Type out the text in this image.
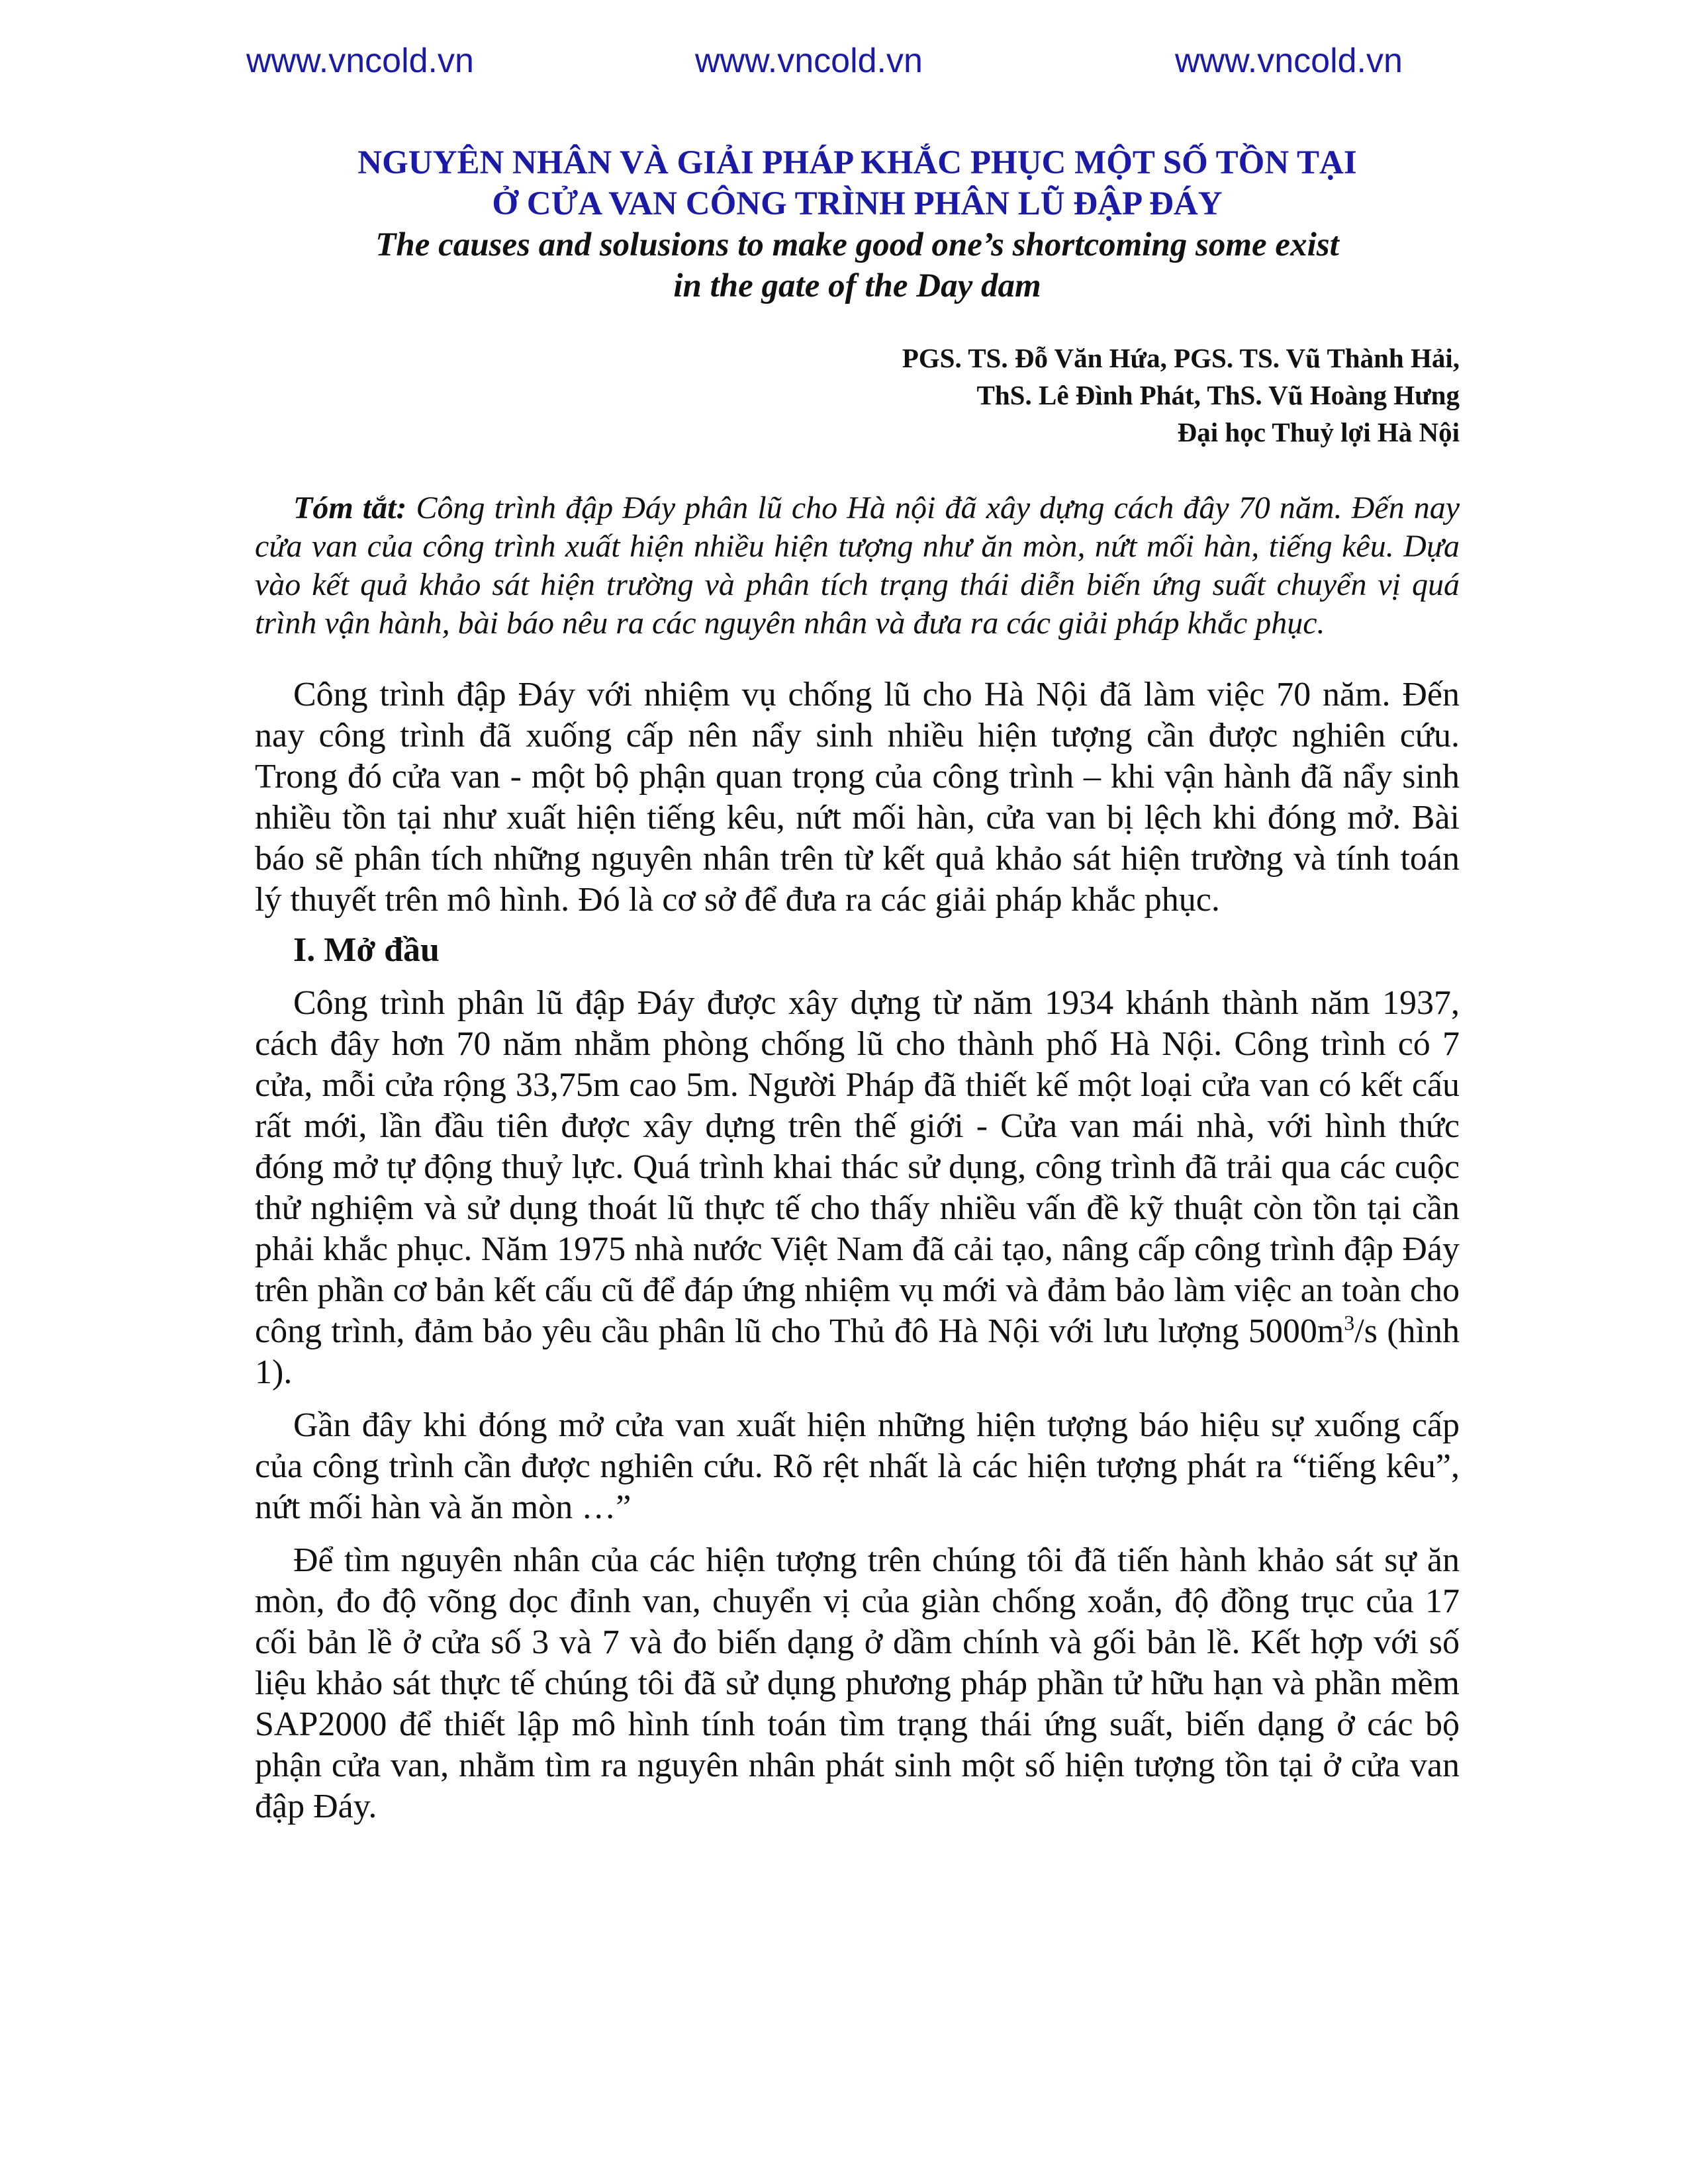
www.vncold.vn	www.vncold.vn	www.vncold.vn
NGUYÊN NHÂN VÀ GIẢI PHÁP KHẮC PHỤC MỘT SỐ TỒN TẠI
Ở CỬA VAN CÔNG TRÌNH PHÂN LŨ ĐẬP ĐÁY
The causes and solusions to make good one’s shortcoming some exist
in the gate of the Day dam
PGS. TS. Đỗ Văn Hứa, PGS. TS. Vũ Thành Hải,
ThS. Lê Đình Phát, ThS. Vũ Hoàng Hưng
Đại học Thuỷ lợi Hà Nội

Tóm tắt: Công trình đập Đáy phân lũ cho Hà nội đã xây dựng cách đây 70 năm. Đến nay cửa van của công trình xuất hiện nhiều hiện tượng như ăn mòn, nứt mối hàn, tiếng kêu. Dựa vào kết quả khảo sát hiện trường và phân tích trạng thái diễn biến ứng suất chuyển vị quá trình vận hành, bài báo nêu ra các nguyên nhân và đưa ra các giải pháp khắc phục.

Công trình đập Đáy với nhiệm vụ chống lũ cho Hà Nội đã làm việc 70 năm. Đến nay công trình đã xuống cấp nên nẩy sinh nhiều hiện tượng cần được nghiên cứu. Trong đó cửa van - một bộ phận quan trọng của công trình – khi vận hành đã nẩy sinh nhiều tồn tại như xuất hiện tiếng kêu, nứt mối hàn, cửa van bị lệch khi đóng mở. Bài báo sẽ phân tích những nguyên nhân trên từ kết quả khảo sát hiện trường và tính toán lý thuyết trên mô hình. Đó là cơ sở để đưa ra các giải pháp khắc phục.

I. Mở đầu

Công trình phân lũ đập Đáy được xây dựng từ năm 1934 khánh thành năm 1937, cách đây hơn 70 năm nhằm phòng chống lũ cho thành phố Hà Nội. Công trình có 7 cửa, mỗi cửa rộng 33,75m cao 5m. Người Pháp đã thiết kế một loại cửa van có kết cấu rất mới, lần đầu tiên được xây dựng trên thế giới - Cửa van mái nhà, với hình thức đóng mở tự động thuỷ lực. Quá trình khai thác sử dụng, công trình đã trải qua các cuộc thử nghiệm và sử dụng thoát lũ thực tế cho thấy nhiều vấn đề kỹ thuật còn tồn tại cần phải khắc phục. Năm 1975 nhà nước Việt Nam đã cải tạo, nâng cấp công trình đập Đáy trên phần cơ bản kết cấu cũ để đáp ứng nhiệm vụ mới và đảm bảo làm việc an toàn cho công trình, đảm bảo yêu cầu phân lũ cho Thủ đô Hà Nội với lưu lượng $5000m^3/s$ (hình 1).

Gần đây khi đóng mở cửa van xuất hiện những hiện tượng báo hiệu sự xuống cấp của công trình cần được nghiên cứu. Rõ rệt nhất là các hiện tượng phát ra “tiếng kêu”, nứt mối hàn và ăn mòn …”

Để tìm nguyên nhân của các hiện tượng trên chúng tôi đã tiến hành khảo sát sự ăn mòn, đo độ võng dọc đỉnh van, chuyển vị của giàn chống xoắn, độ đồng trục của 17 cối bản lề ở cửa số 3 và 7 và đo biến dạng ở dầm chính và gối bản lề. Kết hợp với số liệu khảo sát thực tế chúng tôi đã sử dụng phương pháp phần tử hữu hạn và phần mềm SAP2000 để thiết lập mô hình tính toán tìm trạng thái ứng suất, biến dạng ở các bộ phận cửa van, nhằm tìm ra nguyên nhân phát sinh một số hiện tượng tồn tại ở cửa van đập Đáy.
